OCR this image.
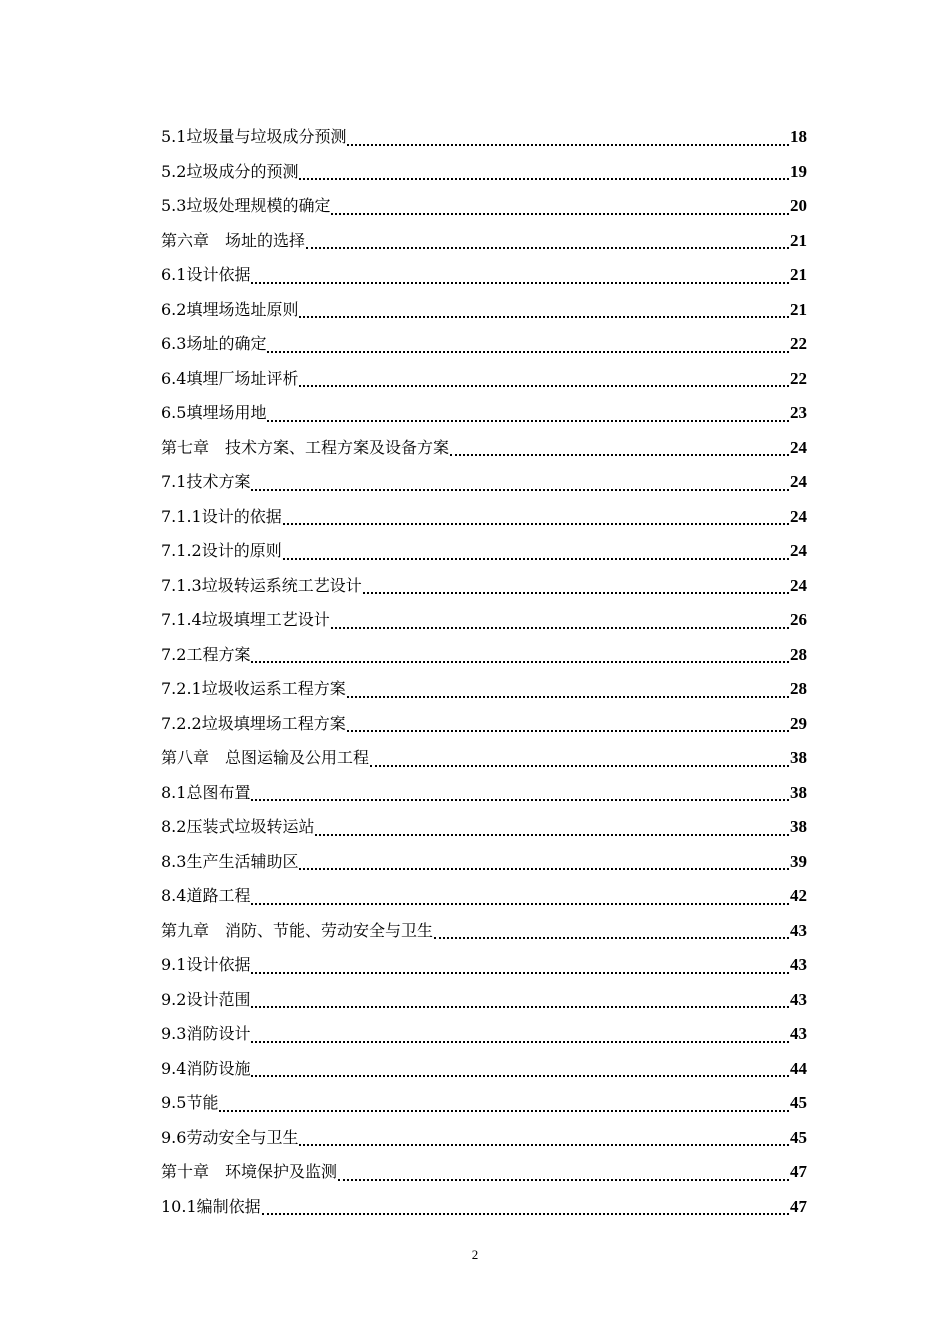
5.1垃圾量与垃圾成分预测	18
5.2垃圾成分的预测	19
5.3垃圾处理规模的确定	20
第六章　场址的选择	21
6.1设计依据	21
6.2填埋场选址原则	21
6.3场址的确定	22
6.4填埋厂场址评析	22
6.5填埋场用地	23
第七章　技术方案、工程方案及设备方案	24
7.1技术方案	24
7.1.1设计的依据	24
7.1.2设计的原则	24
7.1.3垃圾转运系统工艺设计	24
7.1.4垃圾填埋工艺设计	26
7.2工程方案	28
7.2.1垃圾收运系工程方案	28
7.2.2垃圾填埋场工程方案	29
第八章　总图运输及公用工程	38
8.1总图布置	38
8.2压装式垃圾转运站	38
8.3生产生活辅助区	39
8.4道路工程	42
第九章　消防、节能、劳动安全与卫生	43
9.1设计依据	43
9.2设计范围	43
9.3消防设计	43
9.4消防设施	44
9.5节能	45
9.6劳动安全与卫生	45
第十章　环境保护及监测	47
10.1编制依据	47
2
